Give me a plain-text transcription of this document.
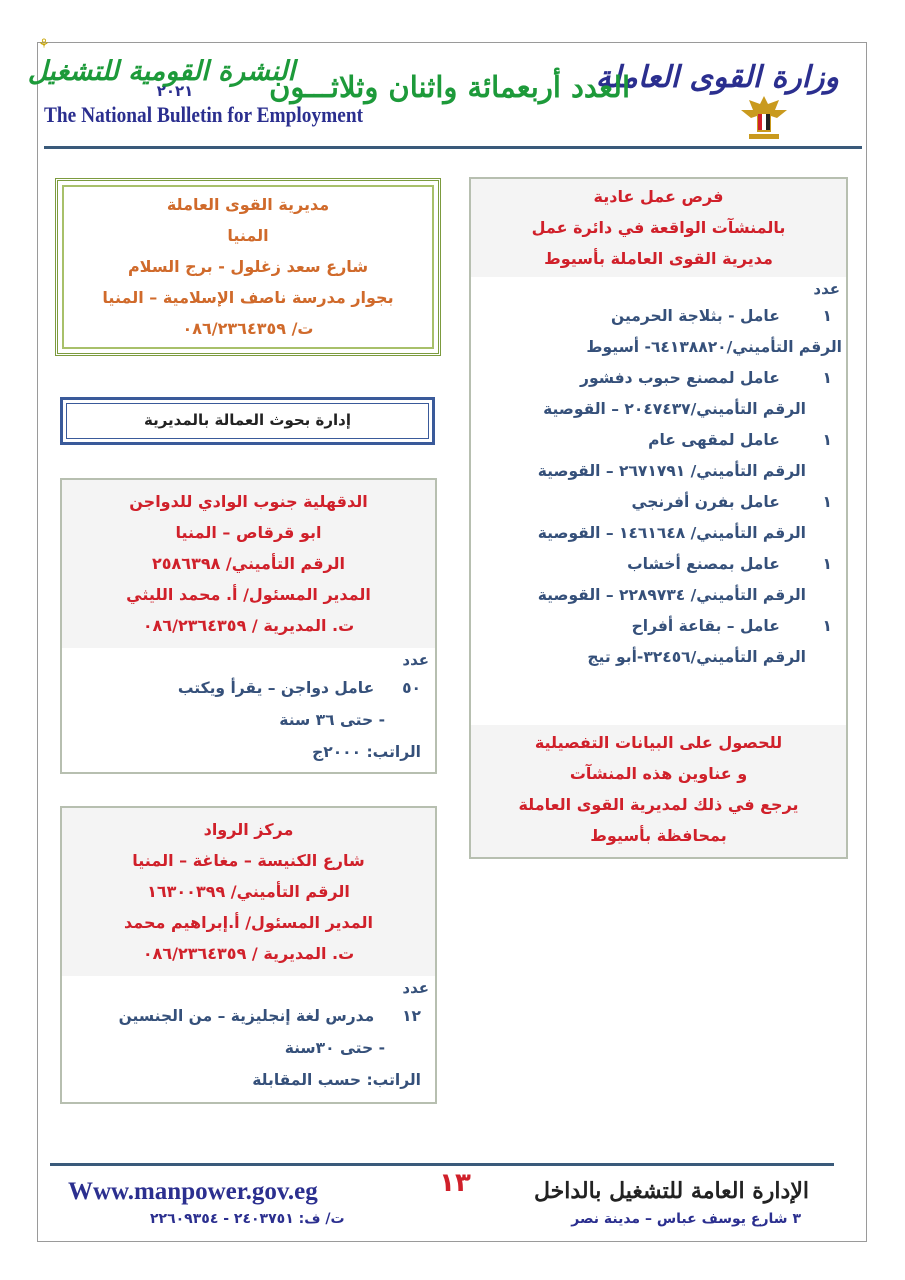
⚘
وزارة القوى العاملة
العدد أربعمائة واثنان وثلاثـــون
النشرة القومية للتشغيل
٢٠٢١
The National Bulletin for Employment
مديرية القوى العاملة
المنيا
شارع سعد زغلول - برج السلام
بجوار مدرسة ناصف الإسلامية – المنيا
ت/ ٠٨٦/٢٣٦٤٣٥٩
إدارة بحوث العمالة بالمديرية
الدقهلية جنوب الوادي للدواجن
ابو قرقاص – المنيا
الرقم التأميني/ ٢٥٨٦٣٩٨
المدير المسئول/ أ. محمد الليثي
ت. المديرية / ٠٨٦/٢٣٦٤٣٥٩
عدد
٥٠  عامل دواجن – يقرأ ويكتب
- حتى ٣٦ سنة
الراتب: ٢٠٠٠ج
مركز الرواد
شارع الكنيسة – مغاغة – المنيا
الرقم التأميني/ ١٦٣٠٠٣٩٩
المدير المسئول/ أ.إبراهيم محمد
ت. المديرية / ٠٨٦/٢٣٦٤٣٥٩
عدد
١٢  مدرس لغة إنجليزية – من الجنسين
- حتى ٣٠سنة
الراتب: حسب المقابلة
فرص عمل عادية
بالمنشآت الواقعة في دائرة عمل
مديرية القوى العاملة بأسيوط
عدد
١   عامل - بثلاجة الحرمين
الرقم التأميني/٦٤١٣٨٨٢٠- أسيوط
١   عامل لمصنع حبوب دفشور
الرقم التأميني/٢٠٤٧٤٣٧ – القوصية
١   عامل لمقهى عام
الرقم التأميني/ ٢٦٧١٧٩١ – القوصية
١   عامل بفرن أفرنجي
الرقم التأميني/ ١٤٦١٦٤٨ – القوصية
١   عامل بمصنع أخشاب
الرقم التأميني/ ٢٢٨٩٧٣٤ – القوصية
١   عامل – بقاعة أفراح
الرقم التأميني/٣٢٤٥٦-أبو تيج
للحصول على البيانات التفصيلية
و عناوين هذه المنشآت
يرجع في ذلك لمديرية القوى العاملة
بمحافظة بأسيوط
١٣
Www.manpower.gov.eg
ت/ ف: ٢٤٠٣٧٥١ - ٢٢٦٠٩٣٥٤
الإدارة العامة للتشغيل بالداخل
٣ شارع يوسف عباس – مدينة نصر
